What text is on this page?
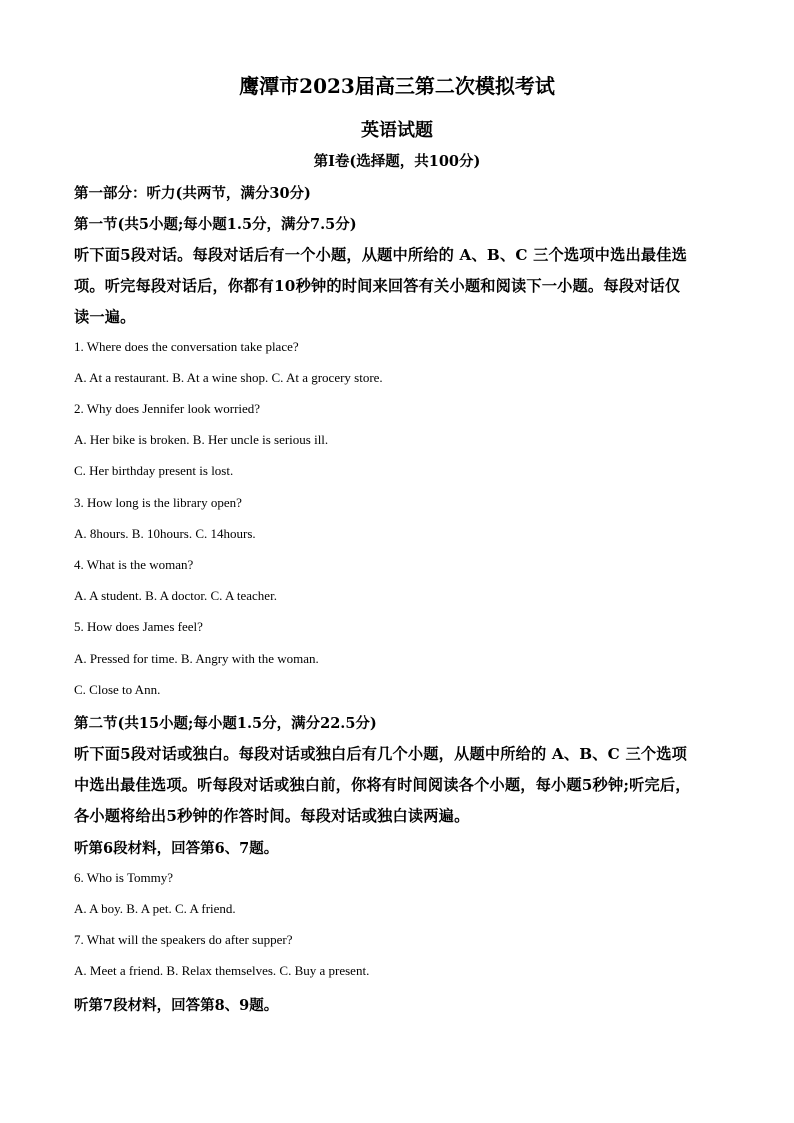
鹰潭市2023届高三第二次模拟考试
英语试题
第Ⅰ卷(选择题，共100分)
第一部分：听力(共两节，满分30分)
第一节(共5小题;每小题1.5分，满分7.5分)
听下面5段对话。每段对话后有一个小题，从题中所给的 A、B、C 三个选项中选出最佳选
项。听完每段对话后，你都有10秒钟的时间来回答有关小题和阅读下一小题。每段对话仅
读一遍。
1. Where does the conversation take place?
A. At a restaurant. B. At a wine shop. C. At a grocery store.
2. Why does Jennifer look worried?
A. Her bike is broken. B. Her uncle is serious ill.
C. Her birthday present is lost.
3. How long is the library open?
A. 8hours. B. 10hours. C. 14hours.
4. What is the woman?
A. A student. B. A doctor. C. A teacher.
5. How does James feel?
A. Pressed for time. B. Angry with the woman.
C. Close to Ann.
第二节(共15小题;每小题1.5分，满分22.5分)
听下面5段对话或独白。每段对话或独白后有几个小题，从题中所给的 A、B、C 三个选项
中选出最佳选项。听每段对话或独白前，你将有时间阅读各个小题，每小题5秒钟;听完后，
各小题将给出5秒钟的作答时间。每段对话或独白读两遍。
听第6段材料，回答第6、7题。
6. Who is Tommy?
A. A boy. B. A pet. C. A friend.
7. What will the speakers do after supper?
A. Meet a friend. B. Relax themselves. C. Buy a present.
听第7段材料，回答第8、9题。
